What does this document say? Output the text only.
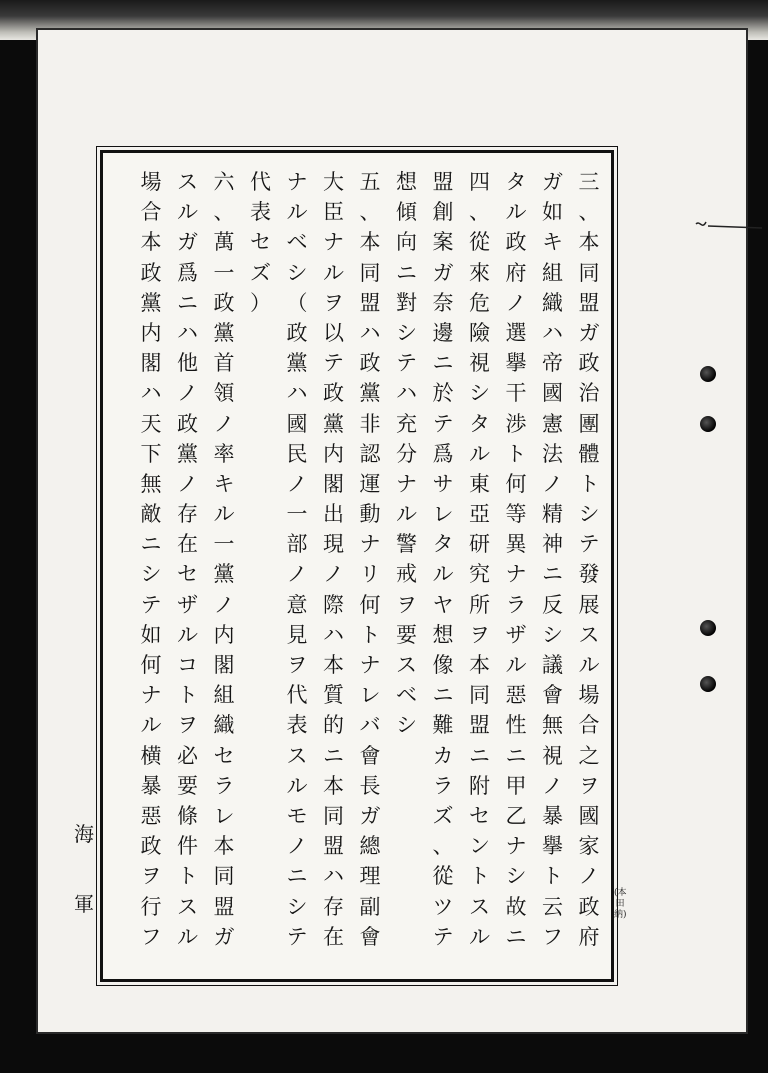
海
軍	(本田納)
三
、
本
同
盟
ガ
政
治
團
體
ト
シ
テ
發
展
ス
ル
場
合
之
ヲ
國
家
ノ
政
府
ガ
如
キ
組
織
ハ
帝
國
憲
法
ノ
精
神
ニ
反
シ
議
會
無
視
ノ
暴
擧
ト
云
フ
タ
ル
政
府
ノ
選
擧
干
渉
ト
何
等
異
ナ
ラ
ザ
ル
惡
性
ニ
甲
乙
ナ
シ
故
ニ
四
、
從
來
危
險
視
シ
タ
ル
東
亞
研
究
所
ヲ
本
同
盟
ニ
附
セ
ン
ト
ス
ル
盟
創
案
ガ
奈
邊
ニ
於
テ
爲
サ
レ
タ
ル
ヤ
想
像
ニ
難
カ
ラ
ズ
、
從
ツ
テ
想
傾
向
ニ
對
シ
テ
ハ
充
分
ナ
ル
警
戒
ヲ
要
ス
ベ
シ
五
、
本
同
盟
ハ
政
黨
非
認
運
動
ナ
リ
何
ト
ナ
レ
バ
會
長
ガ
總
理
副
會
大
臣
ナ
ル
ヲ
以
テ
政
黨
内
閣
出
現
ノ
際
ハ
本
質
的
ニ
本
同
盟
ハ
存
在
ナ
ル
ベ
シ
（
政
黨
ハ
國
民
ノ
一
部
ノ
意
見
ヲ
代
表
ス
ル
モ
ノ
ニ
シ
テ
代
表
セ
ズ
）
六
、
萬
一
政
黨
首
領
ノ
率
キ
ル
一
黨
ノ
内
閣
組
織
セ
ラ
レ
本
同
盟
ガ
ス
ル
ガ
爲
ニ
ハ
他
ノ
政
黨
ノ
存
在
セ
ザ
ル
コ
ト
ヲ
必
要
條
件
ト
ス
ル
場
合
本
政
黨
内
閣
ハ
天
下
無
敵
ニ
シ
テ
如
何
ナ
ル
横
暴
惡
政
ヲ
行
フ
